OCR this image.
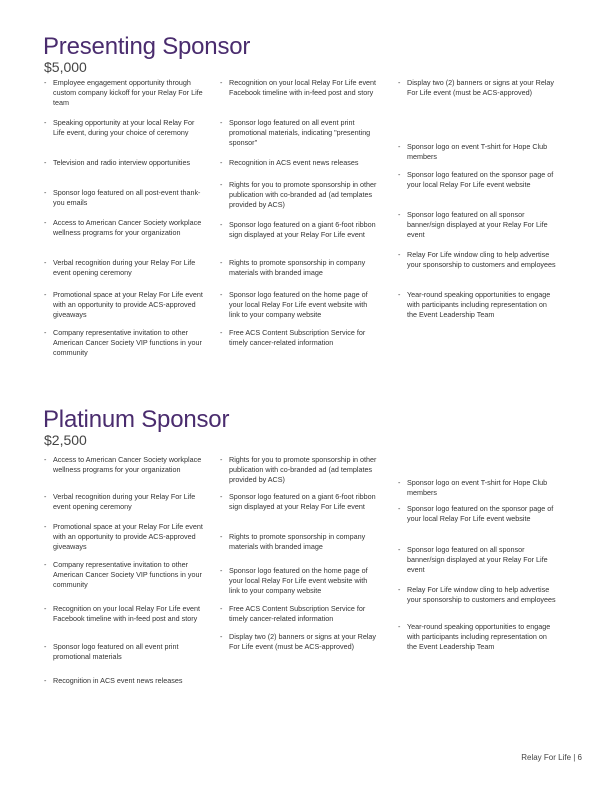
Presenting Sponsor
$5,000
Platinum Sponsor
$2,500
- Employee engagement opportunity through custom company kickoff for your Relay For Life team
- Speaking opportunity at your local Relay For Life event, during your choice of ceremony
- Television and radio interview opportunities
- Sponsor logo featured on all post-event thank-you emails
- Access to American Cancer Society workplace wellness programs for your organization
- Verbal recognition during your Relay For Life event opening ceremony
- Promotional space at your Relay For Life event with an opportunity to provide ACS-approved giveaways
- Company representative invitation to other American Cancer Society VIP functions in your community
- Recognition on your local Relay For Life event Facebook timeline with in-feed post and story
- Sponsor logo featured on all event print promotional materials, indicating "presenting sponsor"
- Recognition in ACS event news releases
- Rights for you to promote sponsorship in other publication with co-branded ad (ad templates provided by ACS)
- Sponsor logo featured on a giant 6-foot ribbon sign displayed at your Relay For Life event
- Rights to promote sponsorship in company materials with branded image
- Sponsor logo featured on the home page of your local Relay For Life event website with link to your company website
- Free ACS Content Subscription Service for timely cancer-related information
- Display two (2) banners or signs at your Relay For Life event (must be ACS-approved)
- Sponsor logo on event T-shirt for Hope Club members
- Sponsor logo featured on the sponsor page of your local Relay For Life event website
- Sponsor logo featured on all sponsor banner/sign displayed at your Relay For Life event
- Relay For Life window cling to help advertise your sponsorship to customers and employees
- Year-round speaking opportunities to engage with participants including representation on the Event Leadership Team
- Access to American Cancer Society workplace wellness programs for your organization
- Verbal recognition during your Relay For Life event opening ceremony
- Promotional space at your Relay For Life event with an opportunity to provide ACS-approved giveaways
- Company representative invitation to other American Cancer Society VIP functions in your community
- Recognition on your local Relay For Life event Facebook timeline with in-feed post and story
- Sponsor logo featured on all event print promotional materials
- Recognition in ACS event news releases
- Rights for you to promote sponsorship in other publication with co-branded ad (ad templates provided by ACS)
- Sponsor logo featured on a giant 6-foot ribbon sign displayed at your Relay For Life event
- Rights to promote sponsorship in company materials with branded image
- Sponsor logo featured on the home page of your local Relay For Life event website with link to your company website
- Free ACS Content Subscription Service for timely cancer-related information
- Display two (2) banners or signs at your Relay For Life event (must be ACS-approved)
- Sponsor logo on event T-shirt for Hope Club members
- Sponsor logo featured on the sponsor page of your local Relay For Life event website
- Sponsor logo featured on all sponsor banner/sign displayed at your Relay For Life event
- Relay For Life window cling to help advertise your sponsorship to customers and employees
- Year-round speaking opportunities to engage with participants including representation on the Event Leadership Team
Relay For Life | 6
